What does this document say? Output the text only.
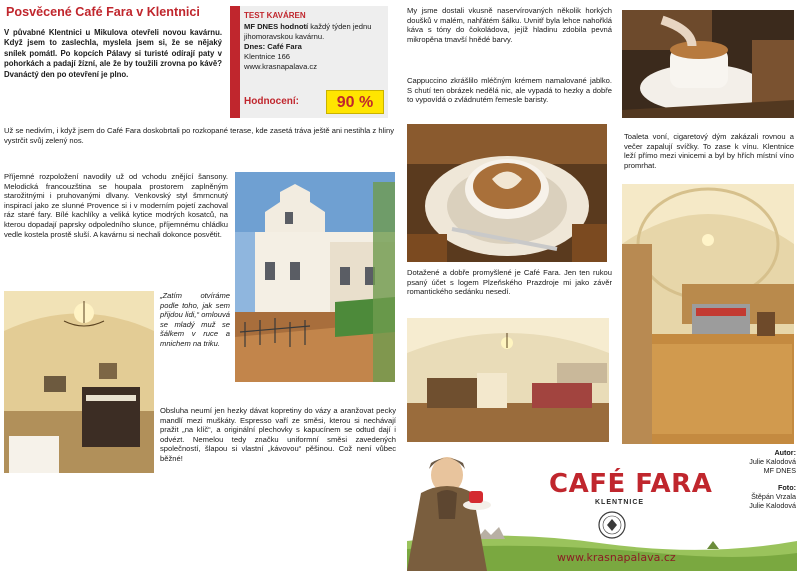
Posvěcené Café Fara v Klentnici
V půvabné Klentnici u Mikulova otevřeli novou kavárnu. Když jsem to zaslechla, myslela jsem si, že se nějaký snílek pomátl. Po kopcích Pálavy si turisté odírají paty v pohorkách a padají žíznί, ale že by toužili zrovna po kávě? Dvanáctý den po otevření je plno.
TEST KAVÁREN
MF DNES hodnotí každý týden jednu jihomoravskou kavárnu.
Dnes: Café Fara
Klentnice 166
www.krasnapalava.cz
Hodnocení:	90 %
Už se nedivím, i když jsem do Café Fara doskobrtali po rozkopané terase, kde zasetá tráva ještě ani nestihla z hliny vystrčit svůj zelený nos.
Příjemné rozpoložení navodily už od vchodu znějící šansony. Melodická francouzština se houpala prostorem zaplněným starožitnými i pruhovanými dlvany. Venkovský styl šmrncnutý inspirací jako ze slunné Provence si i v moderním pojetí zachoval ráz staré fary. Bílé kachlíky a veliká kytice modrých kosatců, na kterou dopadají paprsky odpoledního slunce, příjemnému chládku vedle kostela prostě sluší. A kavárnu si nechali dokonce posvětit.
„Zatím otvíráme podle toho, jak sem přijdou lidi,“ omlouvá se mladý muž se šálkem v ruce a mnichem na triku.
Obsluha neumí jen hezky dávat kopretiny do vázy a aranžovat pecky mandlí mezi muškáty. Espresso vaří ze směsi, kterou si nechávají pražit „na klíč“, a originální plechovky s kapucínem se odtud dají i odvézt. Nemelou tedy značku uniformní směsi zavedených společností, šlapou si vlastní „kávovou“ pěšinou. Což není vůbec běžné!
My jsme dostali vkusně naservírovaných několik horkých doušků v malém, nahřátém šálku. Uvnitř byla lehce nahořklá káva s tóny do čokoládova, jejíž hladinu zdobila pevná mikropěna tmavší hnědé barvy.
Cappuccino zkrášlilo mléčným krémem namalované jablko. S chutí ten obrázek nedělá nic, ale vypadá to hezky a dobře to vypovídá o zvládnutém řemesle baristy.
Dotažené a dobře promyšlené je Café Fara. Jen ten rukou psaný účet s logem Plzeňského Prazdroje mi jako závěr romantického sedánku nesedí.
Toaleta voní, cigaretový dým zakázali rovnou a večer zapalují svíčky. To zase k vínu. Klentnice leží přímo mezi vinicemi a byl by hřích místní víno promrhat.
CAFÉ FARA
KLENTNICE
www.krasnapalava.cz
Autor:
Julie Kalodová
MF DNES
Foto:
Štěpán Vrzala
Julie Kalodová
